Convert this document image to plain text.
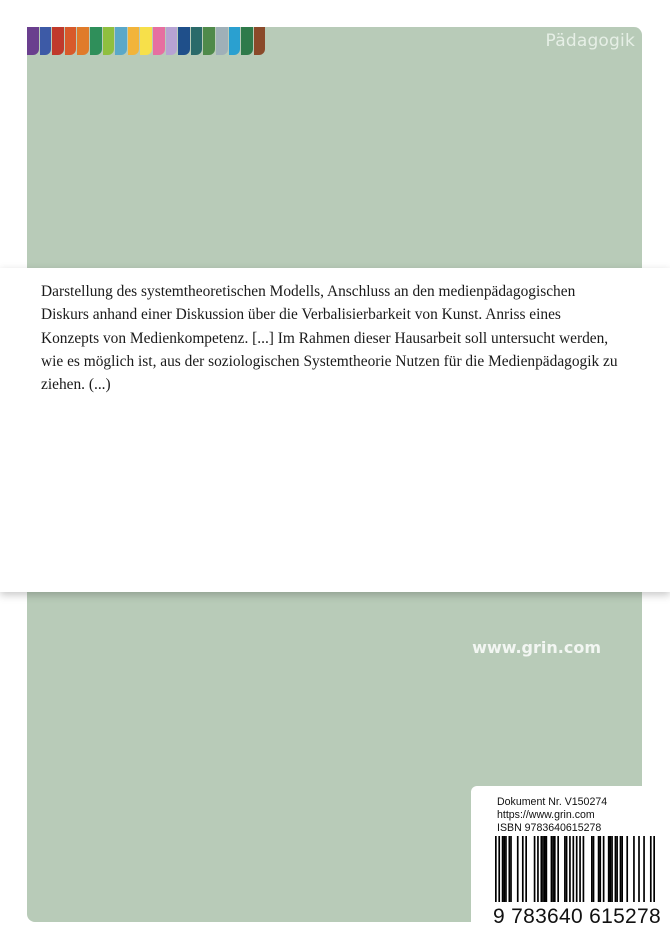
Pädagogik

www.grin.com

Dokument Nr. V150274

https://www.grin.com

ISBN 9783640615278

9 783640 615278

Darstellung des systemtheoretischen Modells, Anschluss an den medienpädagogischen Diskurs anhand einer Diskussion über die Verbalisierbarkeit von Kunst. Anriss eines Konzepts von Medienkompetenz. [...] Im Rahmen dieser Hausarbeit soll untersucht werden, wie es möglich ist, aus der soziologischen Systemtheorie Nutzen für die Medienpädagogik zu ziehen. (...)
